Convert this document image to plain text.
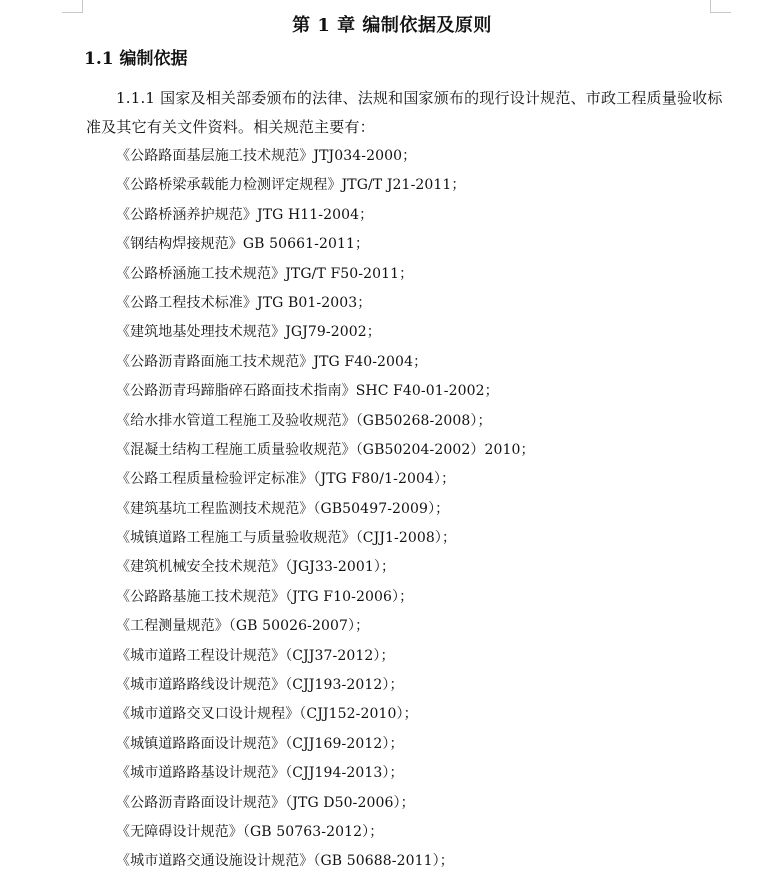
第 1 章 编制依据及原则
1.1 编制依据
1.1.1 国家及相关部委颁布的法律、法规和国家颁布的现行设计规范、市政工程质量验收标准及其它有关文件资料。相关规范主要有：
《公路路面基层施工技术规范》JTJ034-2000；
《公路桥梁承载能力检测评定规程》JTG/T J21-2011；
《公路桥涵养护规范》JTG H11-2004；
《钢结构焊接规范》GB 50661-2011；
《公路桥涵施工技术规范》JTG/T F50-2011；
《公路工程技术标准》JTG B01-2003；
《建筑地基处理技术规范》JGJ79-2002；
《公路沥青路面施工技术规范》JTG F40-2004；
《公路沥青玛蹄脂碎石路面技术指南》SHC F40-01-2002；
《给水排水管道工程施工及验收规范》（GB50268-2008）；
《混凝土结构工程施工质量验收规范》（GB50204-2002）2010；
《公路工程质量检验评定标准》（JTG F80/1-2004）；
《建筑基坑工程监测技术规范》（GB50497-2009）；
《城镇道路工程施工与质量验收规范》（CJJ1-2008）；
《建筑机械安全技术规范》（JGJ33-2001）；
《公路路基施工技术规范》（JTG F10-2006）；
《工程测量规范》（GB 50026-2007）；
《城市道路工程设计规范》（CJJ37-2012）；
《城市道路路线设计规范》（CJJ193-2012）；
《城市道路交叉口设计规程》（CJJ152-2010）；
《城镇道路路面设计规范》（CJJ169-2012）；
《城市道路路基设计规范》（CJJ194-2013）；
《公路沥青路面设计规范》（JTG D50-2006）；
《无障碍设计规范》（GB 50763-2012）；
《城市道路交通设施设计规范》（GB 50688-2011）；
